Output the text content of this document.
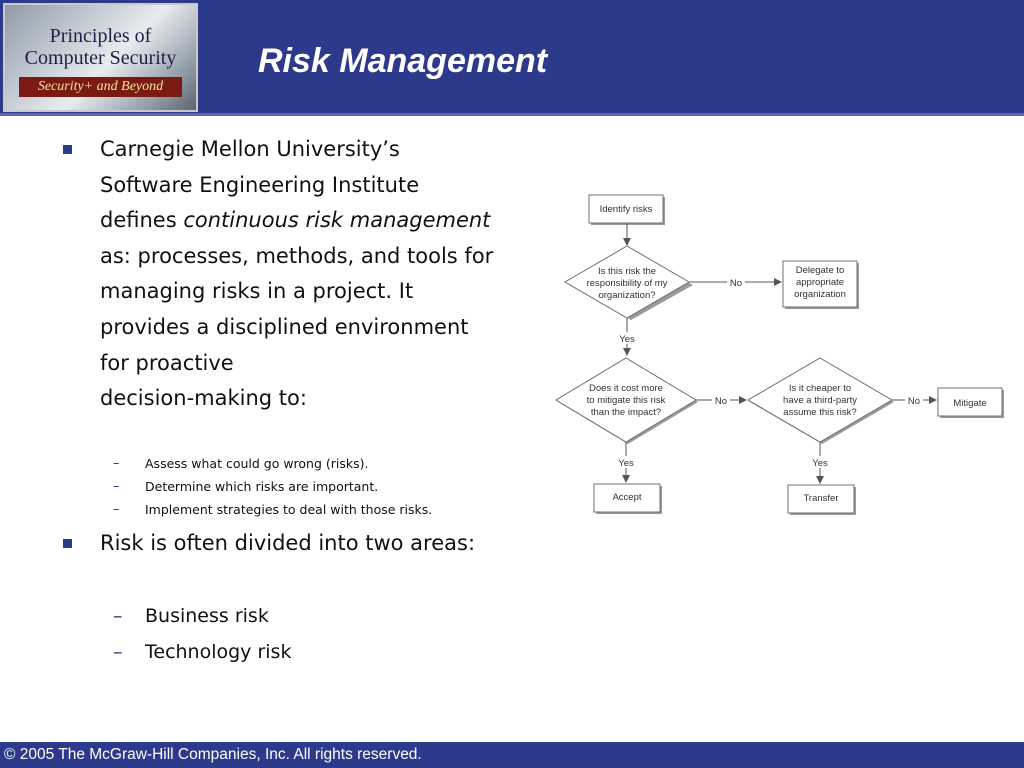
Principles of
Computer Security
Security+ and Beyond
Risk Management
Carnegie Mellon University’s Software Engineering Institute defines continuous risk management as: processes, methods, and tools for managing risks in a project. It provides a disciplined environment for proactive
decision-making to:
– Assess what could go wrong (risks).
– Determine which risks are important.
– Implement strategies to deal with those risks.
Risk is often divided into two areas:
– Business risk
– Technology risk
Identify risks
Is this risk the
responsibility of my
organization?
Delegate to
appropriate
organization
Does it cost more
to mitigate this risk
than the impact?
Is it cheaper to
have a third-party
assume this risk?
Mitigate
Accept	Transfer
No
No	No
Yes
Yes	Yes
© 2005 The McGraw-Hill Companies, Inc. All rights reserved.
